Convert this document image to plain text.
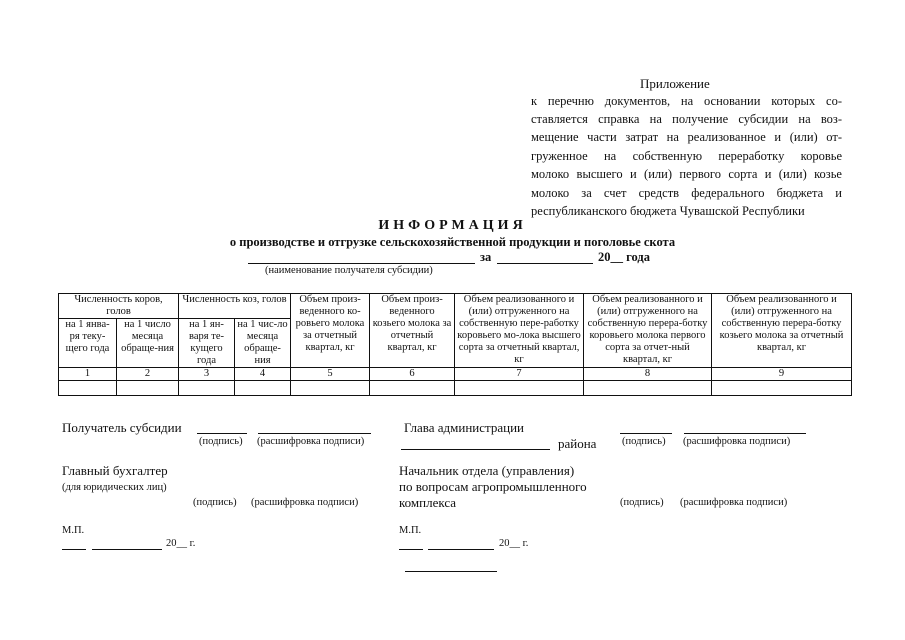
Приложение
к перечню документов, на основании которых со-
ставляется справка на получение субсидии на воз-
мещение части затрат на реализованное и (или) от-
груженное на собственную переработку коровье
молоко высшего и (или) первого сорта и (или) козье
молоко за счет средств федерального бюджета и
республиканского бюджета Чувашской Республики
ИНФОРМАЦИЯ
о производстве и отгрузке сельскохозяйственной продукции и поголовье скота
за	20__ года
(наименование получателя субсидии)
Численность коров, голов		Численность коз, голов		Объем произ-веденного ко-ровьего молока за отчетный квартал, кг	Объем произ-веденного козьего молока за отчетный квартал, кг	Объем реализованного и (или) отгруженного на собственную пере-работку коровьего мо-лока высшего сорта за отчетный квартал, кг	Объем реализованного и (или) отгруженного на собственную перера-ботку коровьего молока первого сорта за отчет-ный квартал, кг	Объем реализованного и (или) отгруженного на собственную перера-ботку козьего молока за отчетный квартал, кг
на 1 янва-ря теку-щего года	на 1 число месяца обраще-ния	на 1 ян-варя те-кущего года	на 1 чис-ло месяца обраще-ния					
1	2	3	4	5	6	7	8	9

Получатель субсидии
(подпись) (расшифровка подписи)
Главный бухгалтер
(для юридических лиц)
(подпись) (расшифровка подписи)
М.П.
20__ г.
Глава администрации
района (подпись) (расшифровка подписи)
Начальник отдела (управления)
по вопросам агропромышленного
комплекса	(подпись) (расшифровка подписи)
М.П.
20__ г.
